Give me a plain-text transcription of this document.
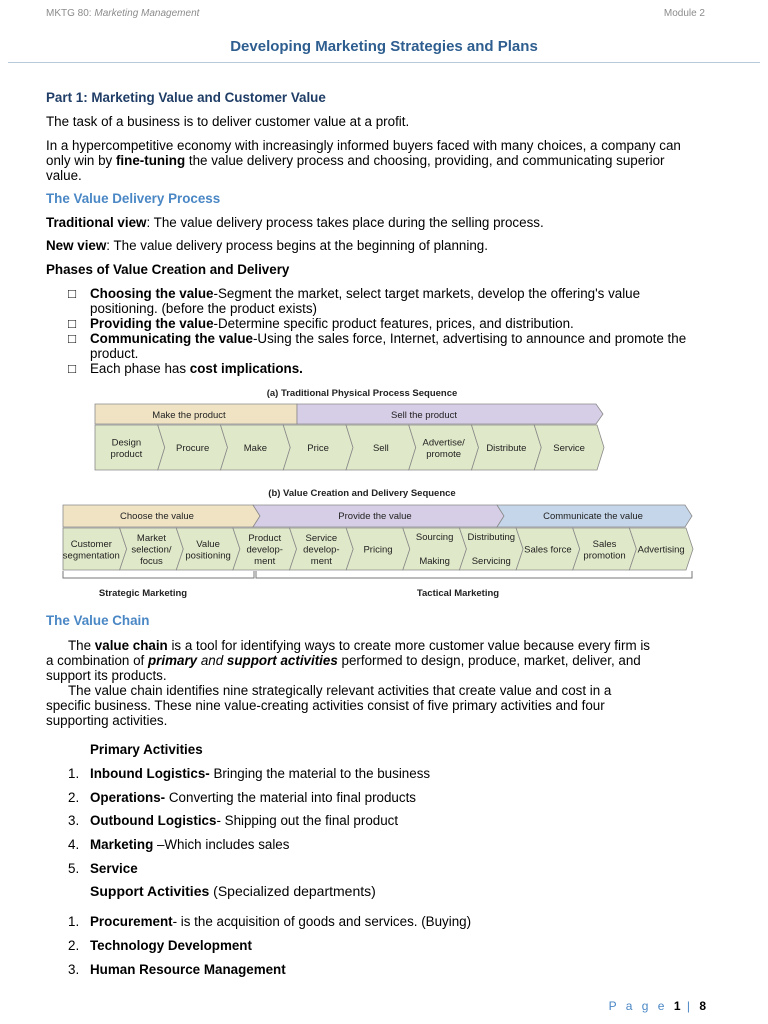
MKTG 80: Marketing Management	Module 2
Developing Marketing Strategies and Plans
Part 1: Marketing Value and Customer Value
The task of a business is to deliver customer value at a profit.
In a hypercompetitive economy with increasingly informed buyers faced with many choices, a company can
only win by fine-tuning the value delivery process and choosing, providing, and communicating superior
value.
The Value Delivery Process
Traditional view: The value delivery process takes place during the selling process.
New view: The value delivery process begins at the beginning of planning.
Phases of Value Creation and Delivery
□ Choosing the value-Segment the market, select target markets, develop the offering's value
positioning. (before the product exists)
□ Providing the value-Determine specific product features, prices, and distribution.
□ Communicating the value-Using the sales force, Internet, advertising to announce and promote the
product.
□ Each phase has cost implications.
(a) Traditional Physical Process Sequence
Make the product	Sell the product
Design
product
Procure	Make	Price	Sell
Advertise/
promote
Distribute	Service
(b) Value Creation and Delivery Sequence
Choose the value	Provide the value	Communicate the value
Customer
segmentation
Market
selection/
focus
Value
positioning
Product
develop-
ment
Service
develop-
ment
Pricing
Sourcing
Making
Distributing
Servicing
Sales force
Sales
promotion
Advertising
Strategic Marketing	Tactical Marketing
The Value Chain
The value chain is a tool for identifying ways to create more customer value because every firm is
a combination of primary and support activities performed to design, produce, market, deliver, and
support its products.
The value chain identifies nine strategically relevant activities that create value and cost in a
specific business. These nine value-creating activities consist of five primary activities and four
supporting activities.
Primary Activities
1. Inbound Logistics- Bringing the material to the business
2. Operations- Converting the material into final products
3. Outbound Logistics- Shipping out the final product
4. Marketing –Which includes sales
5. Service
Support Activities (Specialized departments)
1. Procurement- is the acquisition of goods and services. (Buying)
2. Technology Development
3. Human Resource Management
P a g e 1 | 8
